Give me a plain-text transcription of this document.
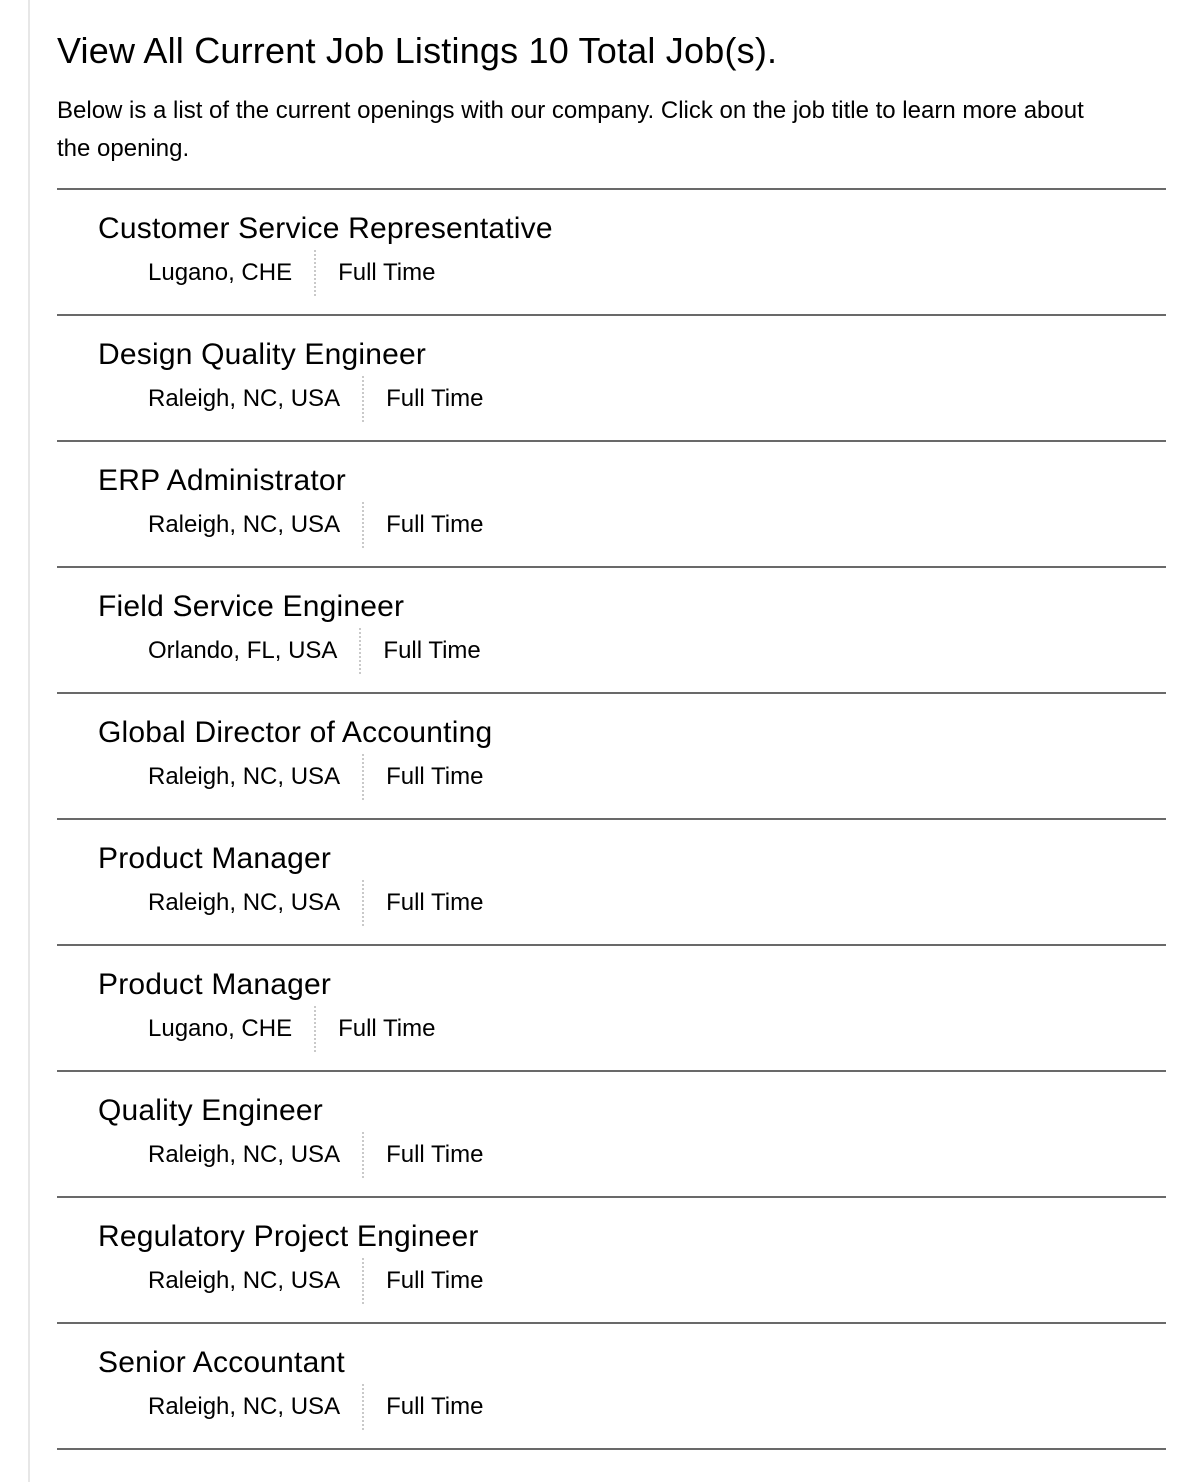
View All Current Job Listings 10 Total Job(s).

Below is a list of the current openings with our company. Click on the job title to learn more about the opening.

Customer Service Representative
Lugano, CHE Full Time
Design Quality Engineer
Raleigh, NC, USA Full Time
ERP Administrator
Raleigh, NC, USA Full Time
Field Service Engineer
Orlando, FL, USA Full Time
Global Director of Accounting
Raleigh, NC, USA Full Time
Product Manager
Raleigh, NC, USA Full Time
Product Manager
Lugano, CHE Full Time
Quality Engineer
Raleigh, NC, USA Full Time
Regulatory Project Engineer
Raleigh, NC, USA Full Time
Senior Accountant
Raleigh, NC, USA Full Time
